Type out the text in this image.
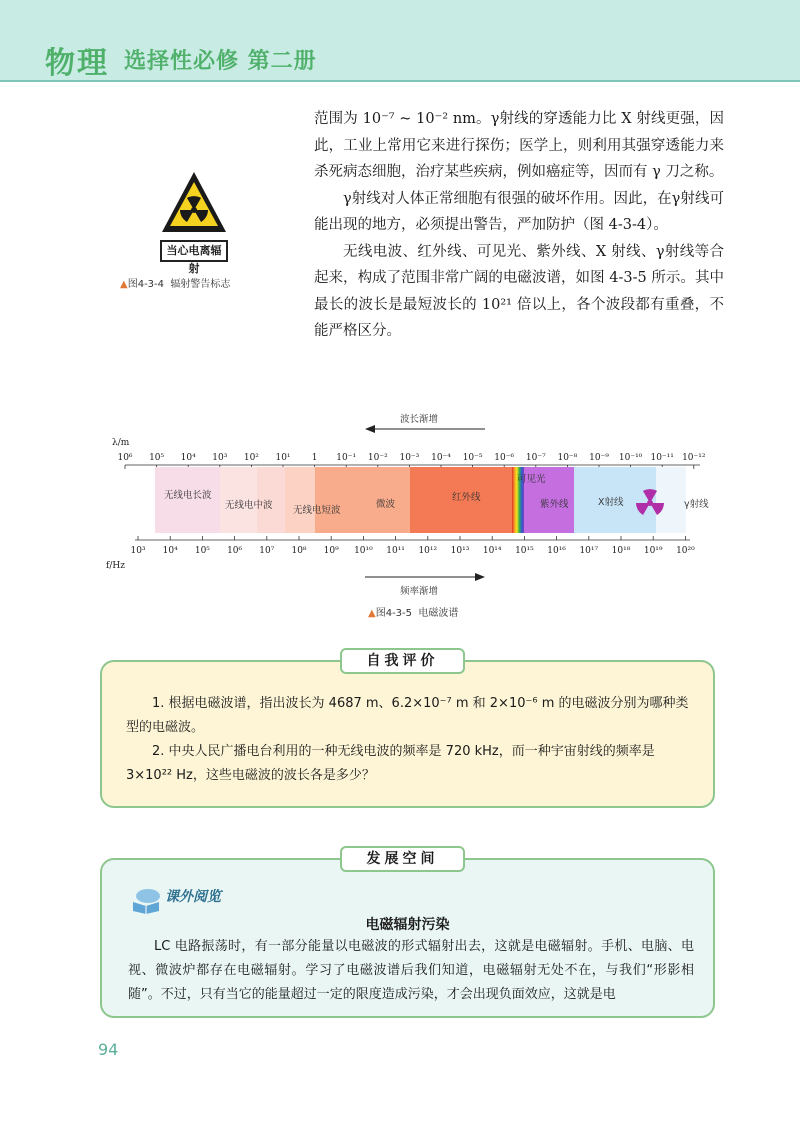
物理 选择性必修 第二册
当心电离辐射
▲图4-3-4 辐射警告标志

范围为 10⁻⁷ ~ 10⁻² nm。γ射线的穿透能力比 X 射线更强，因此，工业上常用它来进行探伤；医学上，则利用其强穿透能力来杀死病态细胞，治疗某些疾病，例如癌症等，因而有 γ 刀之称。

γ射线对人体正常细胞有很强的破坏作用。因此，在γ射线可能出现的地方，必须提出警告，严加防护（图 4-3-4）。

无线电波、红外线、可见光、紫外线、X 射线、γ射线等合起来，构成了范围非常广阔的电磁波谱，如图 4-3-5 所示。其中最长的波长是最短波长的 10²¹ 倍以上，各个波段都有重叠，不能严格区分。

波长渐增
λ/m
10⁶ 10⁵ 10⁴ 10³ 10² 10¹ 1 10⁻¹ 10⁻² 10⁻³ 10⁻⁴ 10⁻⁵ 10⁻⁶ 10⁻⁷ 10⁻⁸ 10⁻⁹ 10⁻¹⁰ 10⁻¹¹ 10⁻¹²
无线电长波
无线电中波 无线电短波
微波
红外线
可见光
紫外线	X射线	γ射线
10³ 10⁴ 10⁵ 10⁶ 10⁷ 10⁸ 10⁹ 10¹⁰ 10¹¹ 10¹² 10¹³ 10¹⁴ 10¹⁵ 10¹⁶ 10¹⁷ 10¹⁸ 10¹⁹ 10²⁰
f/Hz
频率渐增
▲图4-3-5 电磁波谱
自我评价

1. 根据电磁波谱，指出波长为 4687 m、6.2×10⁻⁷ m 和 2×10⁻⁶ m 的电磁波分别为哪种类型的电磁波。

2. 中央人民广播电台利用的一种无线电波的频率是 720 kHz，而一种宇宙射线的频率是 3×10²² Hz，这些电磁波的波长各是多少？

发展空间
课外阅览
电磁辐射污染

LC 电路振荡时，有一部分能量以电磁波的形式辐射出去，这就是电磁辐射。手机、电脑、电视、微波炉都存在电磁辐射。学习了电磁波谱后我们知道，电磁辐射无处不在，与我们“形影相随”。不过，只有当它的能量超过一定的限度造成污染，才会出现负面效应，这就是电

94
